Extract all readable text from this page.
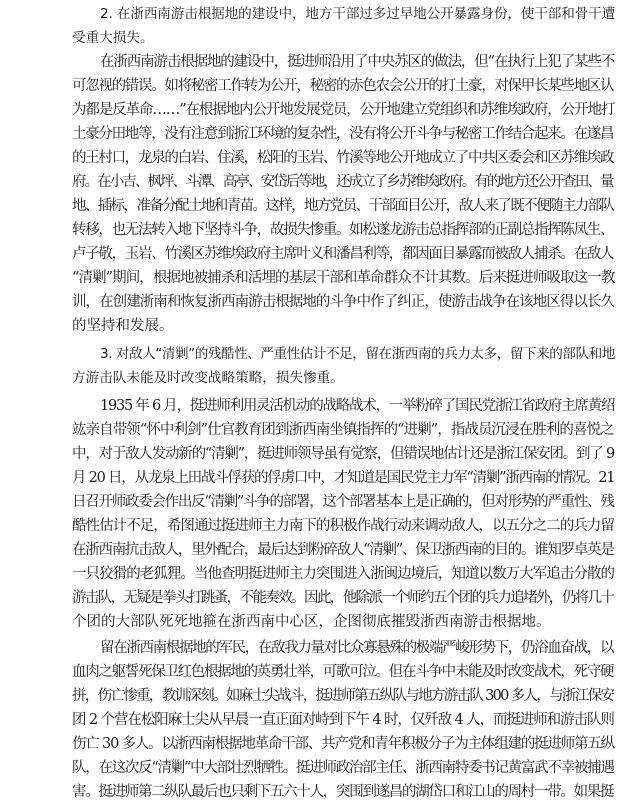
2. 在浙西南游击根据地的建设中，地方干部过多过早地公开暴露身份，使干部和骨干遭
受重大损失。
在浙西南游击根据地的建设中，挺进师沿用了中央苏区的做法，但“在执行上犯了某些不
可忽视的错误。如将秘密工作转为公开，秘密的赤色农会公开的打土豪，对保甲长某些地区认
为都是反革命……”在根据地内公开地发展党员，公开地建立党组织和苏维埃政府，公开地打
土豪分田地等，没有注意到浙江环境的复杂性，没有将公开斗争与秘密工作结合起来。在遂昌
的王村口，龙泉的白岩、住溪，松阳的玉岩、竹溪等地公开地成立了中共区委会和区苏维埃政
府。在小吉、枫坪、斗潭、高亭、安岱后等地，还成立了乡苏维埃政府。有的地方还公开查田、量
地、插标，准备分配土地和青苗。这样，地方党员、干部面目公开，敌人来了既不便随主力部队
转移，也无法转入地下坚持斗争，故损失惨重。如松遂龙游击总指挥部的正副总指挥陈凤生、
卢子敬，玉岩、竹溪区苏维埃政府主席叶义和潘昌利等，都因面目暴露而被敌人捕杀。在敌人
“清剿”期间，根据地被捕杀和活埋的基层干部和革命群众不计其数。后来挺进师吸取这一教
训，在创建浙南和恢复浙西南游击根据地的斗争中作了纠正，使游击战争在该地区得以长久
的坚持和发展。
3. 对敌人“清剿”的残酷性、严重性估计不足，留在浙西南的兵力太多，留下来的部队和地
方游击队未能及时改变战略策略，损失惨重。
1935 年 6 月，挺进师利用灵活机动的战略战术，一举粉碎了国民党浙江省政府主席黄绍
竑亲自带领“怀中利剑”仕官教育团到浙西南坐镇指挥的“进剿”，指战员沉浸在胜利的喜悦之
中，对于敌人发动新的“清剿”，挺进师领导虽有觉察，但错误地估计还是浙江保安团。到了 9
月 20 日，从龙泉上田战斗俘获的俘虏口中，才知道是国民党主力军“清剿”浙西南的情况。21
日召开师政委会作出反“清剿”斗争的部署，这个部署基本上是正确的，但对形势的严重性、残
酷性估计不足，希图通过挺进师主力南下的积极作战行动来调动敌人，以五分之二的兵力留
在浙西南抗击敌人，里外配合，最后达到粉碎敌人“清剿”、保卫浙西南的目的。谁知罗卓英是
一只狡猾的老狐狸。当他查明挺进师主力突围进入浙闽边境后，知道以数万大军追击分散的
游击队，无疑是拳头打跳蚤，不能奏效。因此，他除派一个师约五个团的兵力追堵外，仍将几十
个团的大部队死死地箍在浙西南中心区，企图彻底摧毁浙西南游击根据地。
留在浙西南根据地的军民，在敌我力量对比众寡悬殊的极端严峻形势下，仍浴血奋战，以
血肉之躯誓死保卫红色根据地的英勇壮举，可歌可泣。但在斗争中未能及时改变战术，死守硬
拼，伤亡惨重，教训深刻。如麻士尖战斗，挺进师第五纵队与地方游击队 300 多人，与浙江保安
团 2 个营在松阳麻士尖从早晨一直正面对峙到下午 4 时，仅歼敌 4 人，而挺进师和游击队则
伤亡 30 多人。以浙西南根据地革命干部、共产党和青年积极分子为主体组建的挺进师第五纵
队，在这次反“清剿”中大部壮烈牺牲。挺进师政治部主任、浙西南特委书记黄富武不幸被捕遇
害。挺进师第二纵队最后也只剩下五六十人，突围到遂昌的湖岱口和江山的周村一带。如果挺
